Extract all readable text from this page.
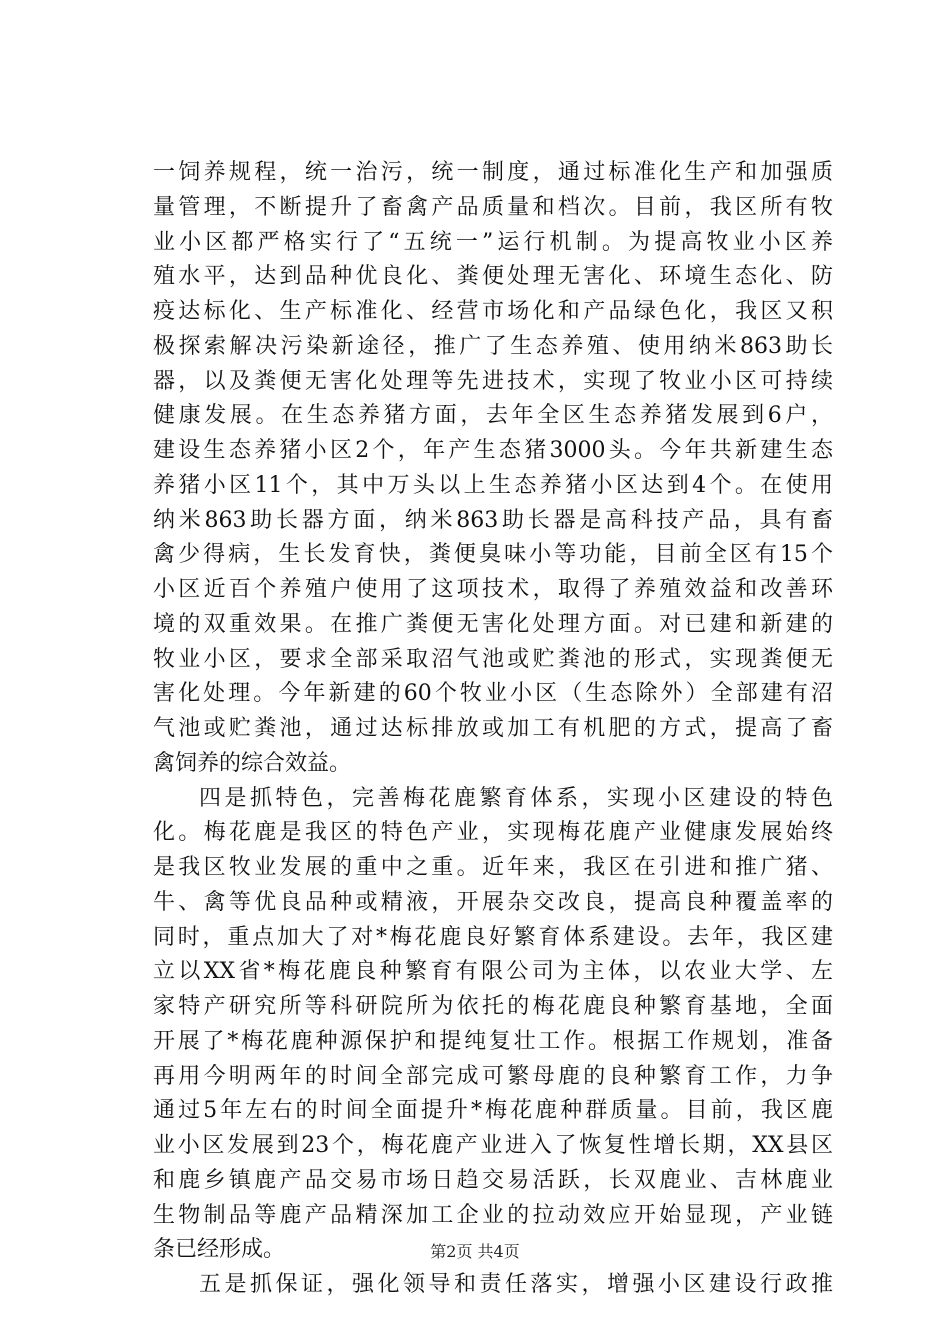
一饲养规程，统一治污，统一制度，通过标准化生产和加强质
量管理，不断提升了畜禽产品质量和档次。目前，我区所有牧
业小区都严格实行了“五统一”运行机制。为提高牧业小区养
殖水平，达到品种优良化、粪便处理无害化、环境生态化、防
疫达标化、生产标准化、经营市场化和产品绿色化，我区又积
极探索解决污染新途径，推广了生态养殖、使用纳米863助长
器，以及粪便无害化处理等先进技术，实现了牧业小区可持续
健康发展。在生态养猪方面，去年全区生态养猪发展到6户，
建设生态养猪小区2个，年产生态猪3000头。今年共新建生态
养猪小区11个，其中万头以上生态养猪小区达到4个。在使用
纳米863助长器方面，纳米863助长器是高科技产品，具有畜
禽少得病，生长发育快，粪便臭味小等功能，目前全区有15个
小区近百个养殖户使用了这项技术，取得了养殖效益和改善环
境的双重效果。在推广粪便无害化处理方面。对已建和新建的
牧业小区，要求全部采取沼气池或贮粪池的形式，实现粪便无
害化处理。今年新建的60个牧业小区（生态除外）全部建有沼
气池或贮粪池，通过达标排放或加工有机肥的方式，提高了畜
禽饲养的综合效益。
四是抓特色，完善梅花鹿繁育体系，实现小区建设的特色
化。梅花鹿是我区的特色产业，实现梅花鹿产业健康发展始终
是我区牧业发展的重中之重。近年来，我区在引进和推广猪、
牛、禽等优良品种或精液，开展杂交改良，提高良种覆盖率的
同时，重点加大了对*梅花鹿良好繁育体系建设。去年，我区建
立以XX省*梅花鹿良种繁育有限公司为主体，以农业大学、左
家特产研究所等科研院所为依托的梅花鹿良种繁育基地，全面
开展了*梅花鹿种源保护和提纯复壮工作。根据工作规划，准备
再用今明两年的时间全部完成可繁母鹿的良种繁育工作，力争
通过5年左右的时间全面提升*梅花鹿种群质量。目前，我区鹿
业小区发展到23个，梅花鹿产业进入了恢复性增长期，XX县区
和鹿乡镇鹿产品交易市场日趋交易活跃，长双鹿业、吉林鹿业
生物制品等鹿产品精深加工企业的拉动效应开始显现，产业链
条已经形成。
五是抓保证，强化领导和责任落实，增强小区建设行政推
第2页 共4页
